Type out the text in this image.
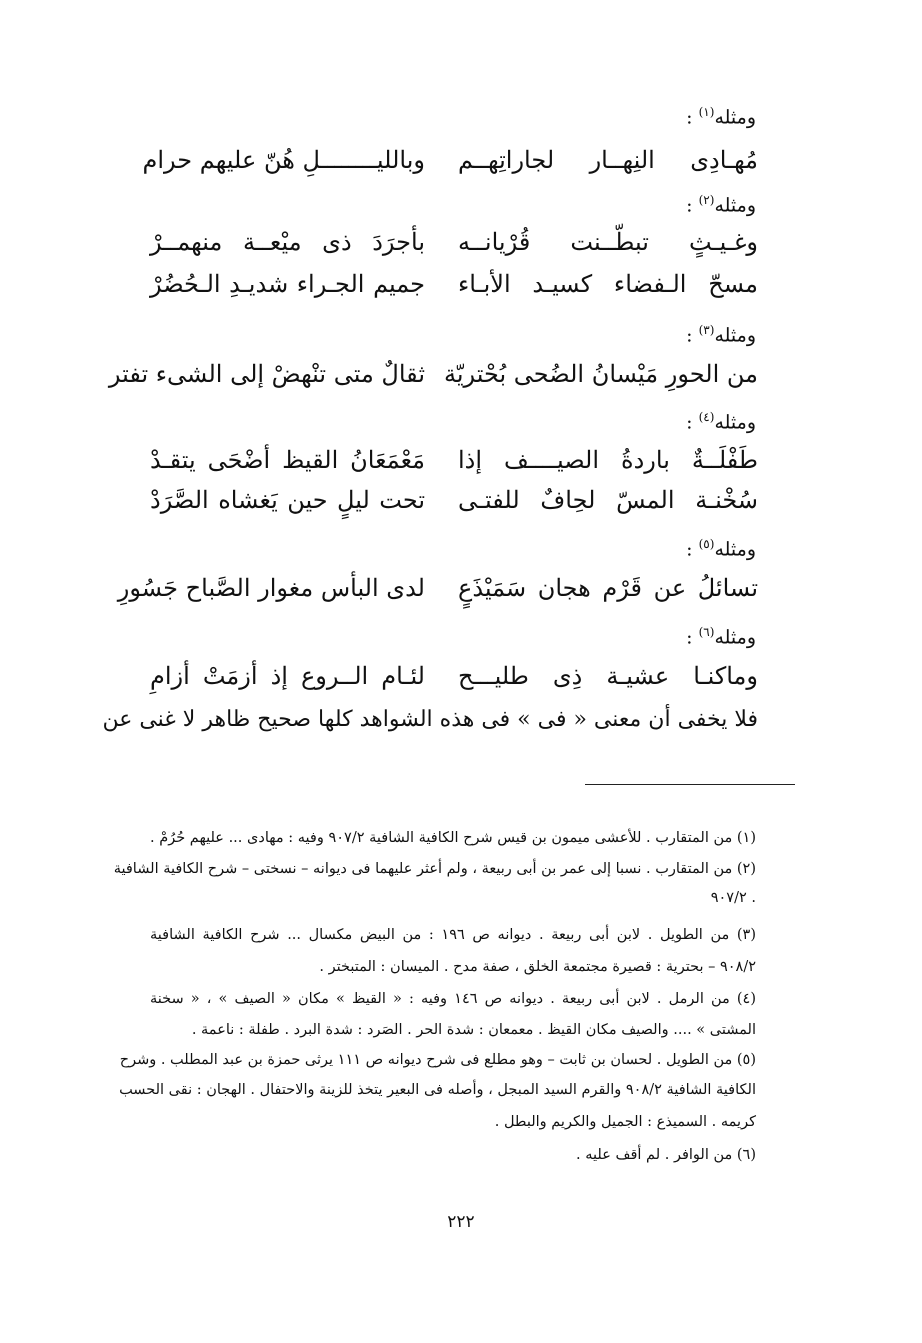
ومثله$^{(١)}$ :
مُهـادِى النِهــار لجاراتِهــم
وبالليــــــــلِ هُنّ عليهم حرام
ومثله$^{(٢)}$ :
وغـيـثٍ تبطّــنت قُرْيانــه
بأجرَدَ ذى ميْعــة منهمــرْ
مسحّ الـفضاء كسيـد الأبـاء
جميم الجـراء شديـدِ الـحُضُرْ
ومثله$^{(٣)}$ :
من الحورِ مَيْسانُ الضُحى بُحْتريّة
ثقالٌ متى تنْهضْ إلى الشىء تفتر
ومثله$^{(٤)}$ :
طَفْلَــةٌ باردةُ الصيــــف إذا
مَعْمَعَانُ القيظ أضْحَى يتقـدْ
سُخْنـة المسّ لحِافٌ للفتـى
تحت ليلٍ حين يَغشاه الصَّرَدْ
ومثله$^{(٥)}$ :
تسائلُ عن قَرْم هجان سَمَيْذَعٍ
لدى البأس مغوار الصَّباح جَسُورِ
ومثله$^{(٦)}$ :
وماكنـا عشيـة ذِى طليـــح
لئـام الــروع إذ أزمَتْ أزامِ
فلا يخفى أن معنى « فى » فى هذه الشواهد كلها صحيح ظاهر لا غنى عن
(١) من المتقارب . للأعشى ميمون بن قيس شرح الكافية الشافية ٩٠٧/٢ وفيه : مهادى ... عليهم حُرُمْ .
(٢) من المتقارب . نسبا إلى عمر بن أبى ربيعة ، ولم أعثر عليهما فى ديوانه – نسختى – شرح الكافية الشافية
. ٩٠٧/٢
(٣) من الطويل . لابن أبى ربيعة . ديوانه ص ١٩٦ : من البيض مكسال ... شرح الكافية الشافية
٩٠٨/٢ – بحترية : قصيرة مجتمعة الخلق ، صفة مدح . الميسان : المتبختر .
(٤) من الرمل . لابن أبى ربيعة . ديوانه ص ١٤٦ وفيه : « القيظ » مكان « الصيف » ، « سخنة
المشتى » .... والصيف مكان القيظ . معمعان : شدة الحر . الصَرد : شدة البرد . طفلة : ناعمة .
(٥) من الطويل . لحسان بن ثابت – وهو مطلع فى شرح ديوانه ص ١١١ يرثى حمزة بن عبد المطلب . وشرح
الكافية الشافية ٩٠٨/٢ والقرم السيد المبجل ، وأصله فى البعير يتخذ للزينة والاحتفال . الهجان : نقى الحسب
كريمه . السميذع : الجميل والكريم والبطل .
(٦) من الوافر . لم أقف عليه .
٢٢٢
